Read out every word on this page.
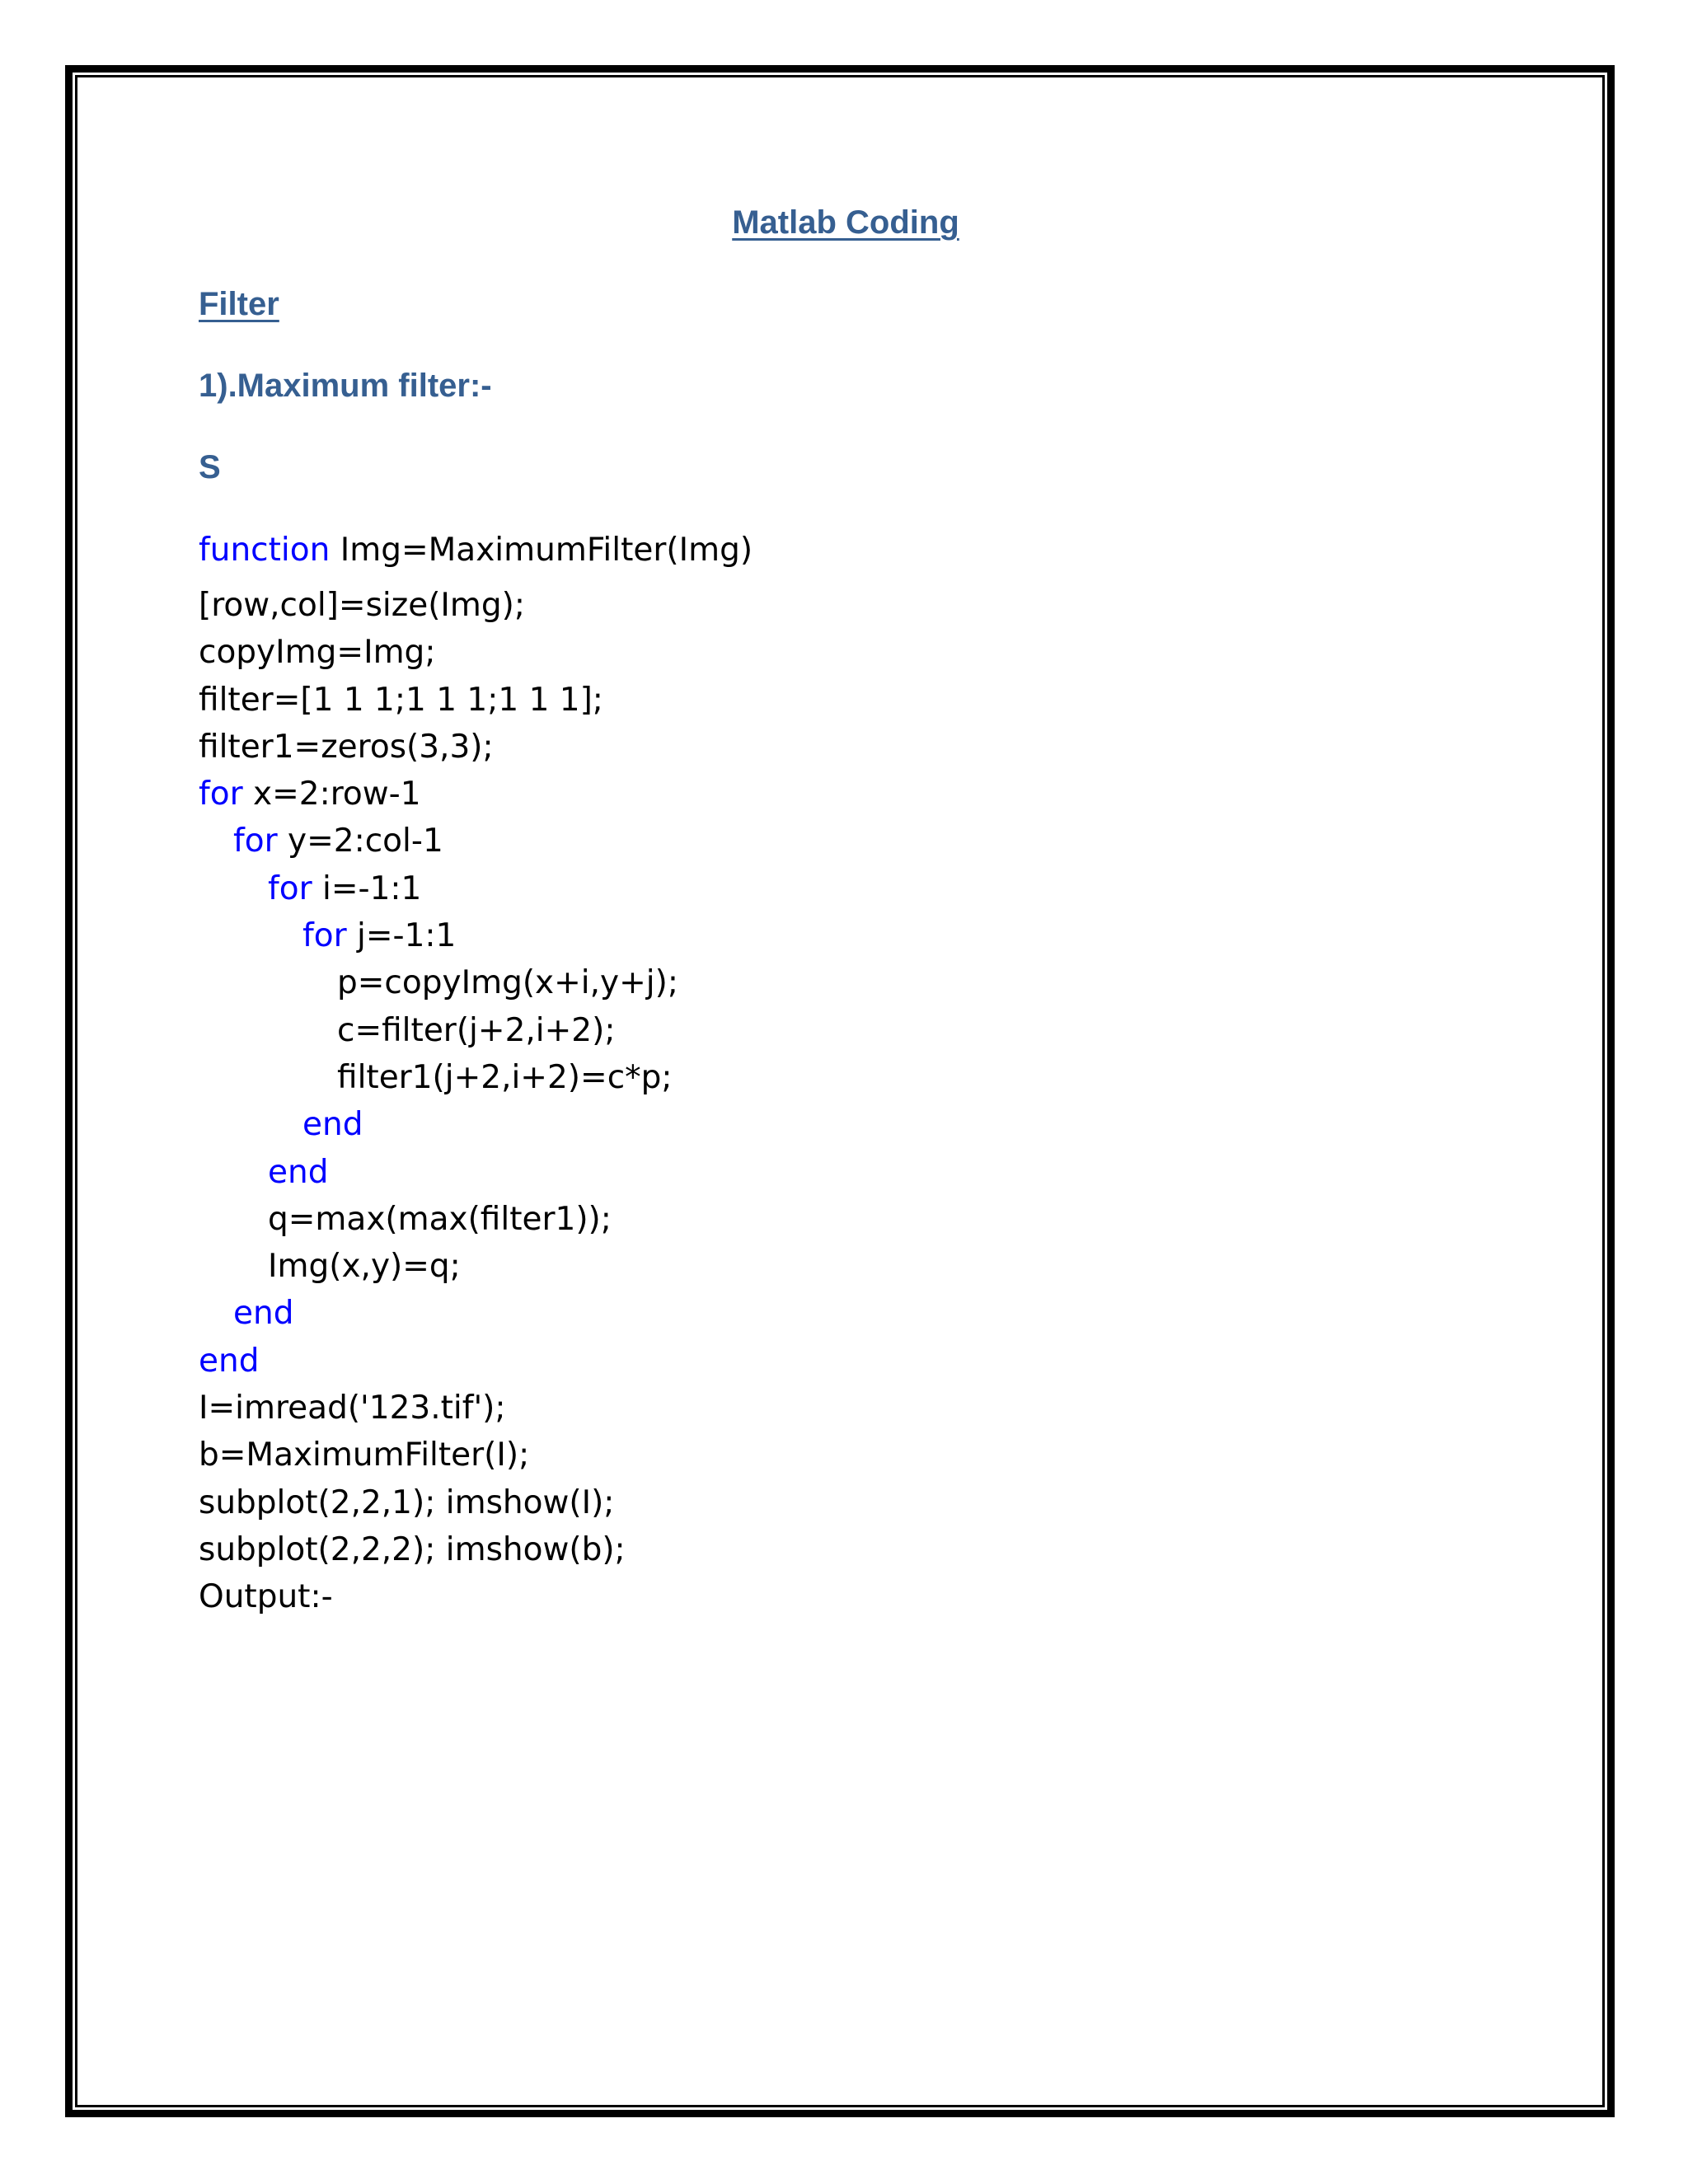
Matlab Coding
Filter
1).Maximum filter:-
S
function Img=MaximumFilter(Img)
[row,col]=size(Img);
copyImg=Img;
filter=[1 1 1;1 1 1;1 1 1];
filter1=zeros(3,3);
for x=2:row-1
for y=2:col-1
for i=-1:1
for j=-1:1
p=copyImg(x+i,y+j);
c=filter(j+2,i+2);
filter1(j+2,i+2)=c*p;
end
end
q=max(max(filter1));
Img(x,y)=q;
end
end
I=imread('123.tif');
b=MaximumFilter(I);
subplot(2,2,1); imshow(I);
subplot(2,2,2); imshow(b);
Output:-
